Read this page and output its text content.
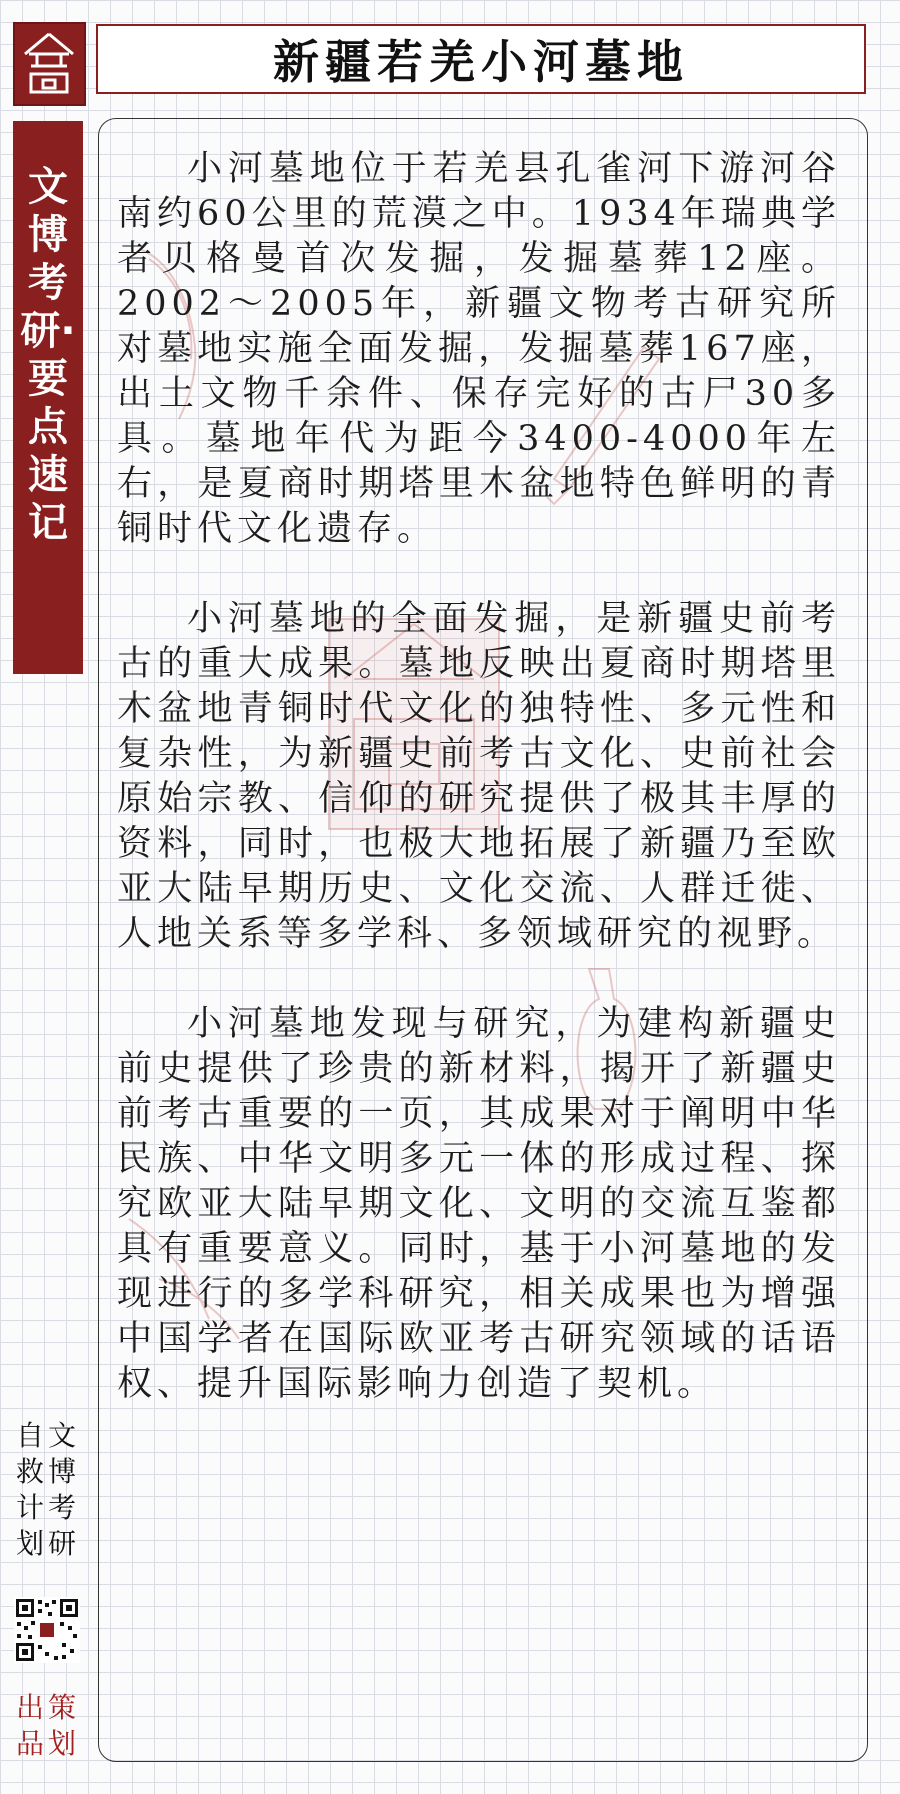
文博考研·要点速记
新疆若羌小河墓地

小河墓地位于若羌县孔雀河下游河谷南约60公里的荒漠之中。1934年瑞典学者贝格曼首次发掘，发掘墓葬12座。2002～2005年，新疆文物考古研究所对墓地实施全面发掘，发掘墓葬167座，出土文物千余件、保存完好的古尸30多具。墓地年代为距今3400-4000年左右，是夏商时期塔里木盆地特色鲜明的青铜时代文化遗存。

小河墓地的全面发掘，是新疆史前考古的重大成果。墓地反映出夏商时期塔里木盆地青铜时代文化的独特性、多元性和复杂性，为新疆史前考古文化、史前社会原始宗教、信仰的研究提供了极其丰厚的资料，同时，也极大地拓展了新疆乃至欧亚大陆早期历史、文化交流、人群迁徙、人地关系等多学科、多领域研究的视野。

小河墓地发现与研究，为建构新疆史前史提供了珍贵的新材料，揭开了新疆史前考古重要的一页，其成果对于阐明中华民族、中华文明多元一体的形成过程、探究欧亚大陆早期文化、文明的交流互鉴都具有重要意义。同时，基于小河墓地的发现进行的多学科研究，相关成果也为增强中国学者在国际欧亚考古研究领域的话语权、提升国际影响力创造了契机。

自救计划文博考研
出品策划
